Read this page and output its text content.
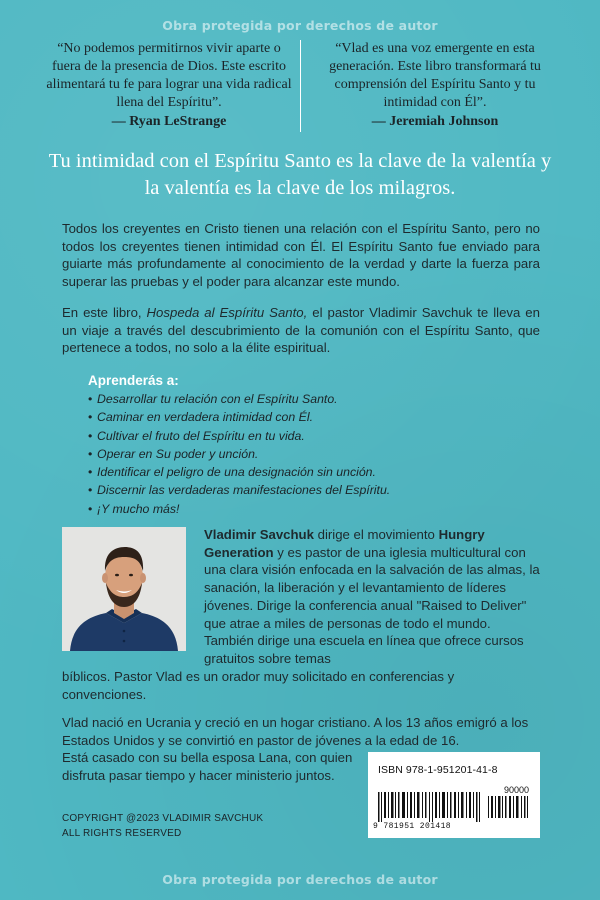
Obra protegida por derechos de autor
“No podemos permitirnos vivir aparte o fuera de la presencia de Dios. Este escrito alimentará tu fe para lograr una vida radical llena del Espíritu”.
— Ryan LeStrange
“Vlad es una voz emergente en esta generación. Este libro transformará tu comprensión del Espíritu Santo y tu intimidad con Él”.
— Jeremiah Johnson
Tu intimidad con el Espíritu Santo es la clave de la valentía y la valentía es la clave de los milagros.

Todos los creyentes en Cristo tienen una relación con el Espíritu Santo, pero no todos los creyentes tienen intimidad con Él. El Espíritu Santo fue enviado para guiarte más profundamente al conocimiento de la verdad y darte la fuerza para superar las pruebas y el poder para alcanzar este mundo.

En este libro, Hospeda al Espíritu Santo, el pastor Vladimir Savchuk te lleva en un viaje a través del descubrimiento de la comunión con el Espíritu Santo, que pertenece a todos, no solo a la élite espiritual.

Aprenderás a:
• Desarrollar tu relación con el Espíritu Santo.
• Caminar en verdadera intimidad con Él.
• Cultivar el fruto del Espíritu en tu vida.
• Operar en Su poder y unción.
• Identificar el peligro de una designación sin unción.
• Discernir las verdaderas manifestaciones del Espíritu.
• ¡Y mucho más!

Vladimir Savchuk dirige el movimiento Hungry Generation y es pastor de una iglesia multicultural con una clara visión enfocada en la salvación de las almas, la sanación, la liberación y el levantamiento de líderes jóvenes. Dirige la conferencia anual "Raised to Deliver" que atrae a miles de personas de todo el mundo. También dirige una escuela en línea que ofrece cursos gratuitos sobre temas

bíblicos. Pastor Vlad es un orador muy solicitado en conferencias y convenciones.

Vlad nació en Ucrania y creció en un hogar cristiano. A los 13 años emigró a los Estados Unidos y se convirtió en pastor de jóvenes a la edad de 16.

Está casado con su bella esposa Lana, con quien disfruta pasar tiempo y hacer ministerio juntos.

COPYRIGHT @2023 VLADIMIR SAVCHUK
ALL RIGHTS RESERVED
ISBN 978-1-951201-41-8
90000
9 781951 201418
Obra protegida por derechos de autor
